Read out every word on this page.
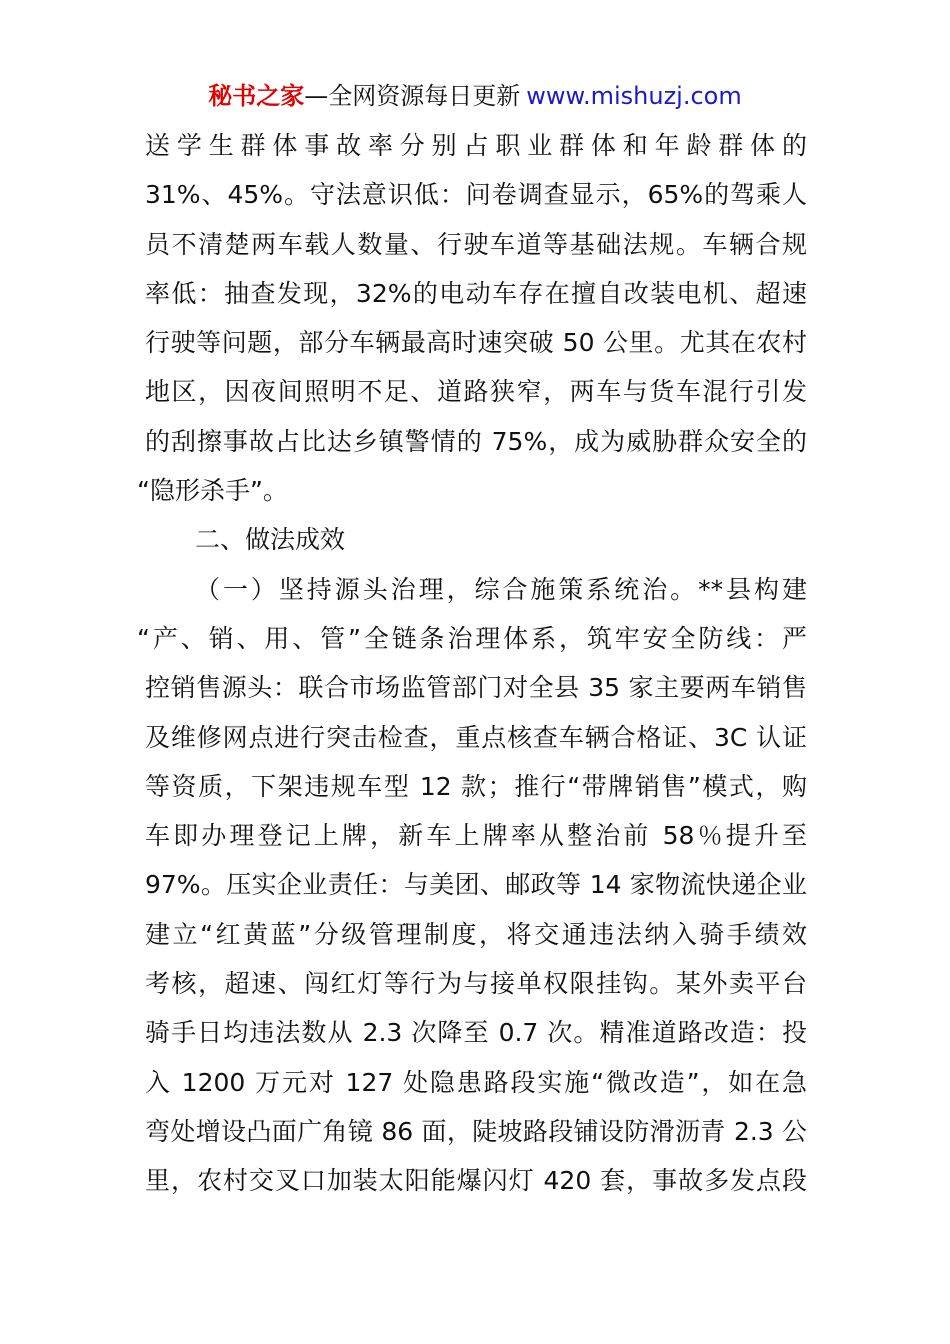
秘书之家—全网资源每日更新 www.mishuzj.com
送学生群体事故率分别占职业群体和年龄群体的
31%、45%。守法意识低：问卷调查显示，65%的驾乘人
员不清楚两车载人数量、行驶车道等基础法规。车辆合规
率低：抽查发现，32%的电动车存在擅自改装电机、超速
行驶等问题，部分车辆最高时速突破 50 公里。尤其在农村
地区，因夜间照明不足、道路狭窄，两车与货车混行引发
的刮擦事故占比达乡镇警情的 75%，成为威胁群众安全的
“隐形杀手”。
二、做法成效
（一）坚持源头治理，综合施策系统治。**县构建
“产、销、用、管”全链条治理体系，筑牢安全防线：严
控销售源头：联合市场监管部门对全县 35 家主要两车销售
及维修网点进行突击检查，重点核查车辆合格证、3C 认证
等资质，下架违规车型 12 款；推行“带牌销售”模式，购
车即办理登记上牌，新车上牌率从整治前 58％提升至
97%。压实企业责任：与美团、邮政等 14 家物流快递企业
建立“红黄蓝”分级管理制度，将交通违法纳入骑手绩效
考核，超速、闯红灯等行为与接单权限挂钩。某外卖平台
骑手日均违法数从 2.3 次降至 0.7 次。精准道路改造：投
入 1200 万元对 127 处隐患路段实施“微改造”，如在急
弯处增设凸面广角镜 86 面，陡坡路段铺设防滑沥青 2.3 公
里，农村交叉口加装太阳能爆闪灯 420 套，事故多发点段
